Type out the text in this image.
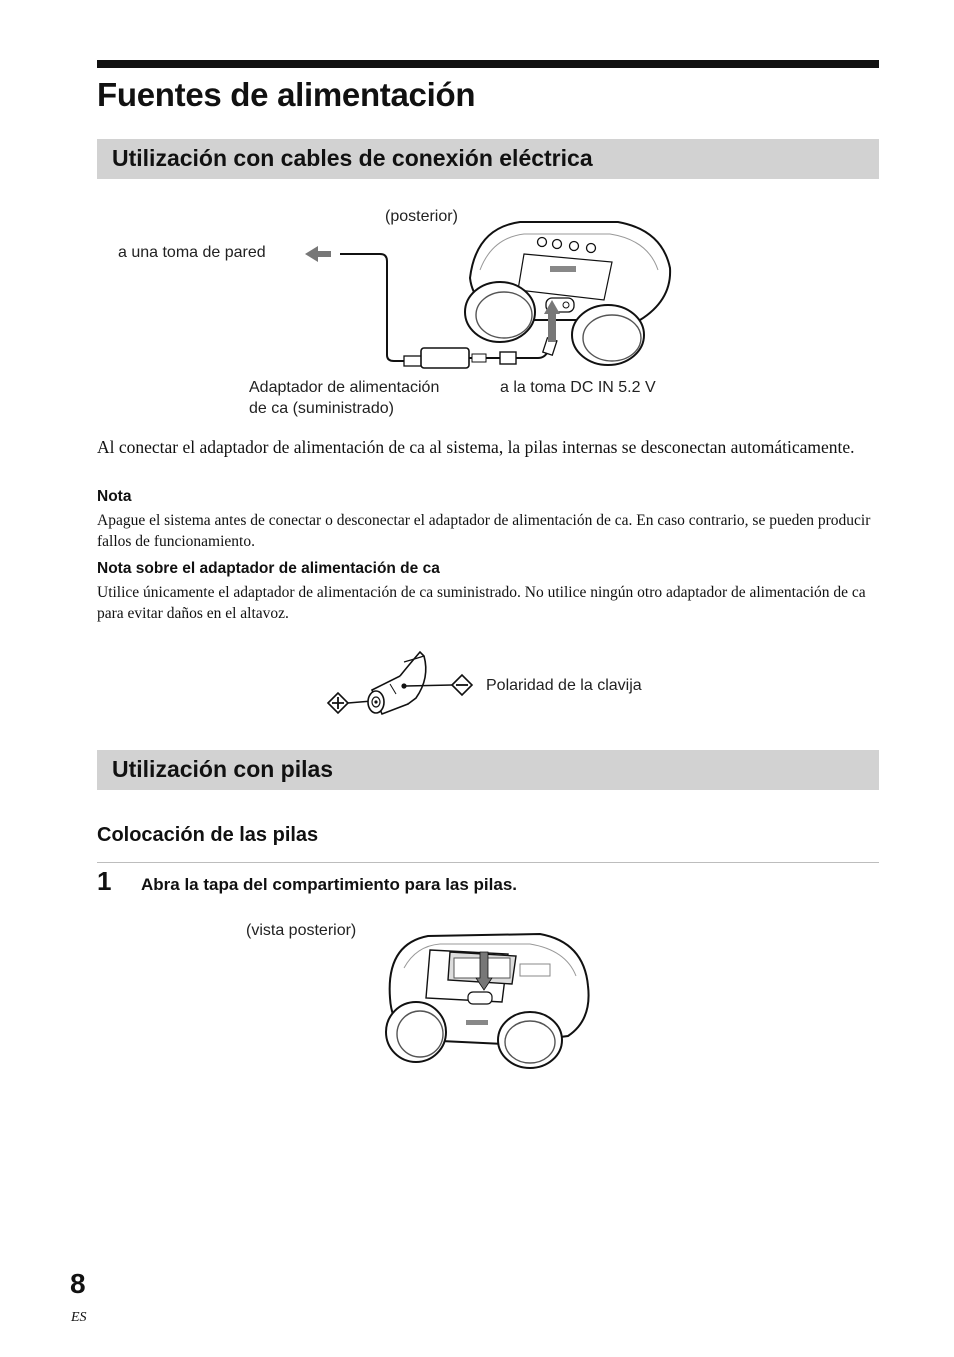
Fuentes de alimentación
Utilización con cables de conexión eléctrica
(posterior)
a una toma de pared
Adaptador de alimentación
de ca (suministrado)
a la toma DC IN 5.2 V

Al conectar el adaptador de alimentación de ca al sistema, la pilas internas se desconectan automáticamente.

Nota

Apague el sistema antes de conectar o desconectar el adaptador de alimentación de ca. En caso contrario, se pueden producir fallos de funcionamiento.

Nota sobre el adaptador de alimentación de ca

Utilice únicamente el adaptador de alimentación de ca suministrado. No utilice ningún otro adaptador de alimentación de ca para evitar daños en el altavoz.

Polaridad de la clavija
Utilización con pilas
Colocación de las pilas
1 Abra la tapa del compartimiento para las pilas.
(vista posterior)
8
ES
